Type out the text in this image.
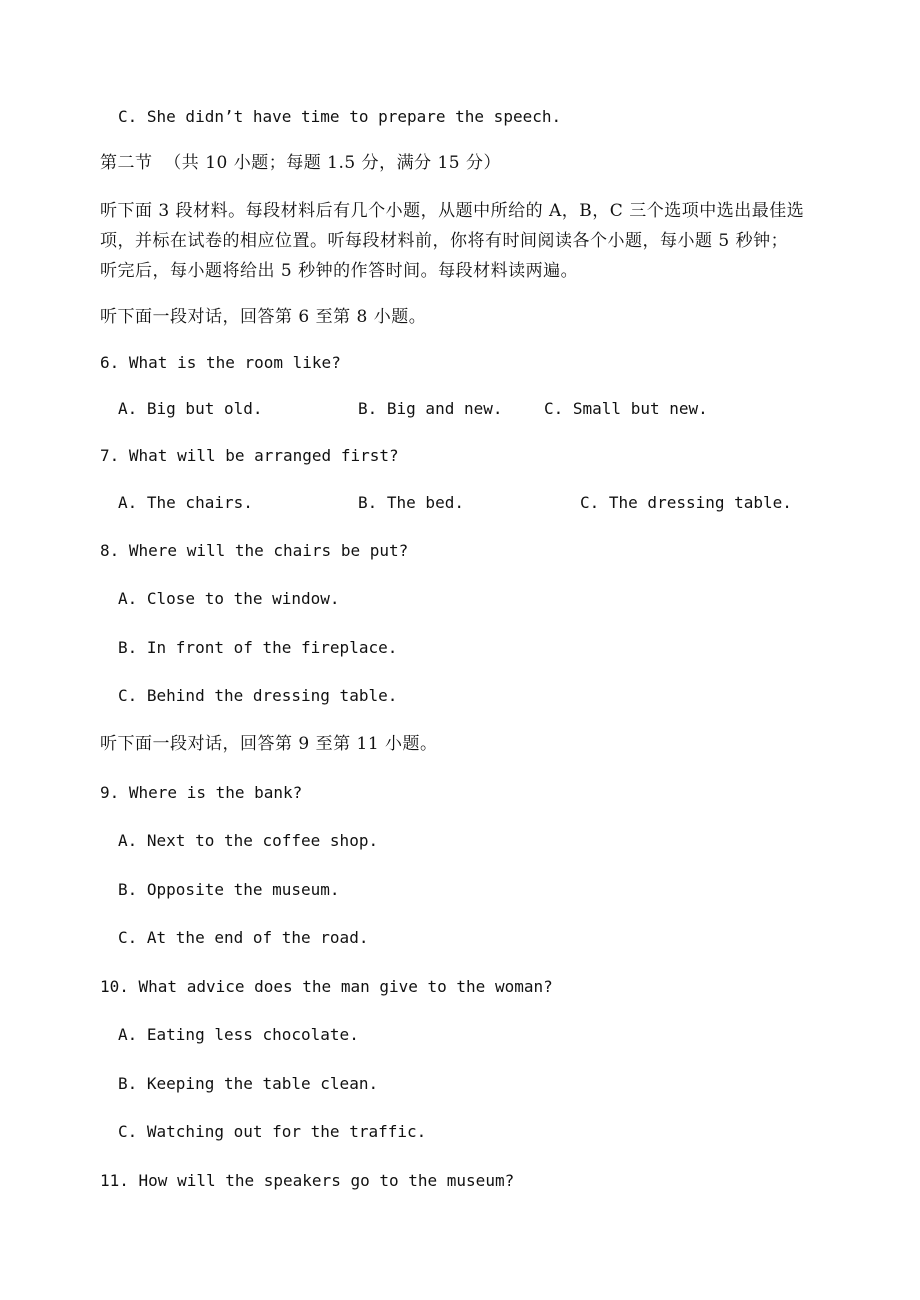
C. She didn’t have time to prepare the speech.
第二节  （共 10 小题；每题 1.5 分，满分 15 分）
听下面 3 段材料。每段材料后有几个小题，从题中所给的 A，B，C 三个选项中选出最佳选
项，并标在试卷的相应位置。听每段材料前，你将有时间阅读各个小题，每小题 5 秒钟；
听完后，每小题将给出 5 秒钟的作答时间。每段材料读两遍。
听下面一段对话，回答第 6 至第 8 小题。
6. What is the room like?
A. Big but old.	B. Big and new.	C. Small but new.
7. What will be arranged first?
A. The chairs.	B. The bed.	C. The dressing table.
8. Where will the chairs be put?
A. Close to the window.
B. In front of the fireplace.
C. Behind the dressing table.
听下面一段对话，回答第 9 至第 11 小题。
9. Where is the bank?
A. Next to the coffee shop.
B. Opposite the museum.
C. At the end of the road.
10. What advice does the man give to the woman?
A. Eating less chocolate.
B. Keeping the table clean.
C. Watching out for the traffic.
11. How will the speakers go to the museum?
